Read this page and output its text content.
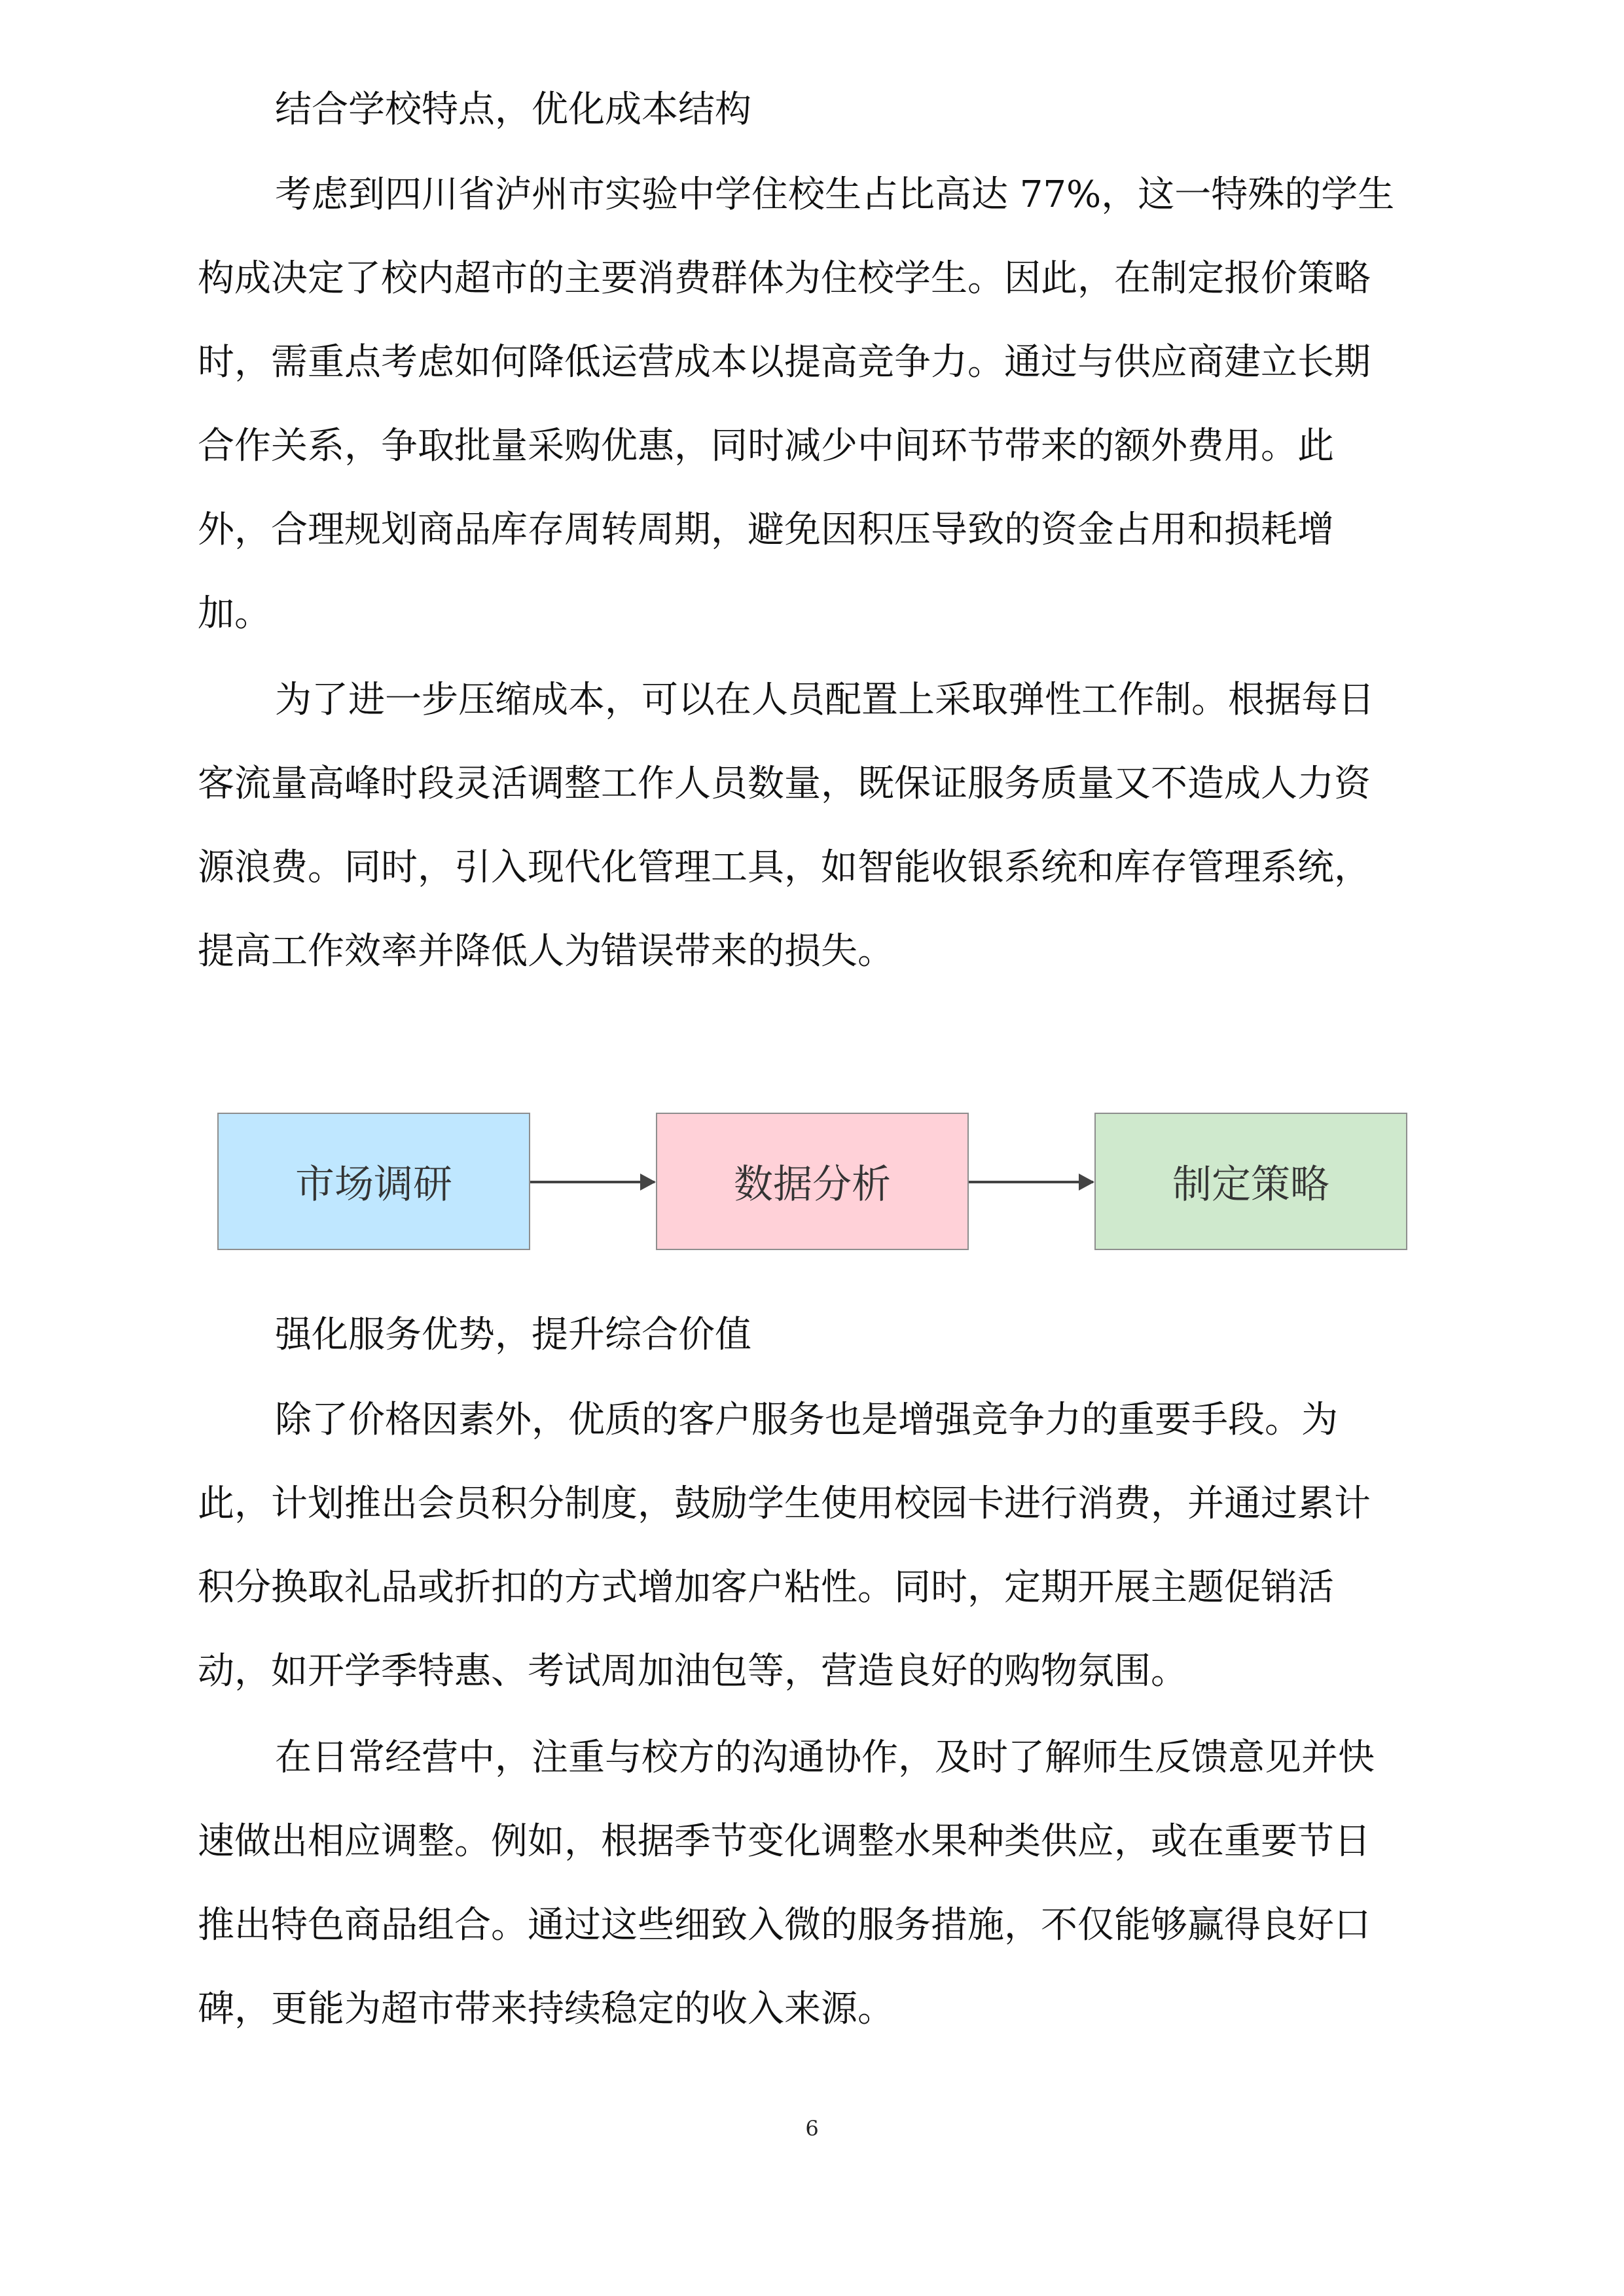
结合学校特点，优化成本结构
考虑到四川省泸州市实验中学住校生占比高达 77%，这一特殊的学生
构成决定了校内超市的主要消费群体为住校学生。因此，在制定报价策略
时，需重点考虑如何降低运营成本以提高竞争力。通过与供应商建立长期
合作关系，争取批量采购优惠，同时减少中间环节带来的额外费用。此
外，合理规划商品库存周转周期，避免因积压导致的资金占用和损耗增
加。
为了进一步压缩成本，可以在人员配置上采取弹性工作制。根据每日
客流量高峰时段灵活调整工作人员数量，既保证服务质量又不造成人力资
源浪费。同时，引入现代化管理工具，如智能收银系统和库存管理系统，
提高工作效率并降低人为错误带来的损失。
市场调研	数据分析	制定策略
强化服务优势，提升综合价值
除了价格因素外，优质的客户服务也是增强竞争力的重要手段。为
此，计划推出会员积分制度，鼓励学生使用校园卡进行消费，并通过累计
积分换取礼品或折扣的方式增加客户粘性。同时，定期开展主题促销活
动，如开学季特惠、考试周加油包等，营造良好的购物氛围。
在日常经营中，注重与校方的沟通协作，及时了解师生反馈意见并快
速做出相应调整。例如，根据季节变化调整水果种类供应，或在重要节日
推出特色商品组合。通过这些细致入微的服务措施，不仅能够赢得良好口
碑，更能为超市带来持续稳定的收入来源。
6
